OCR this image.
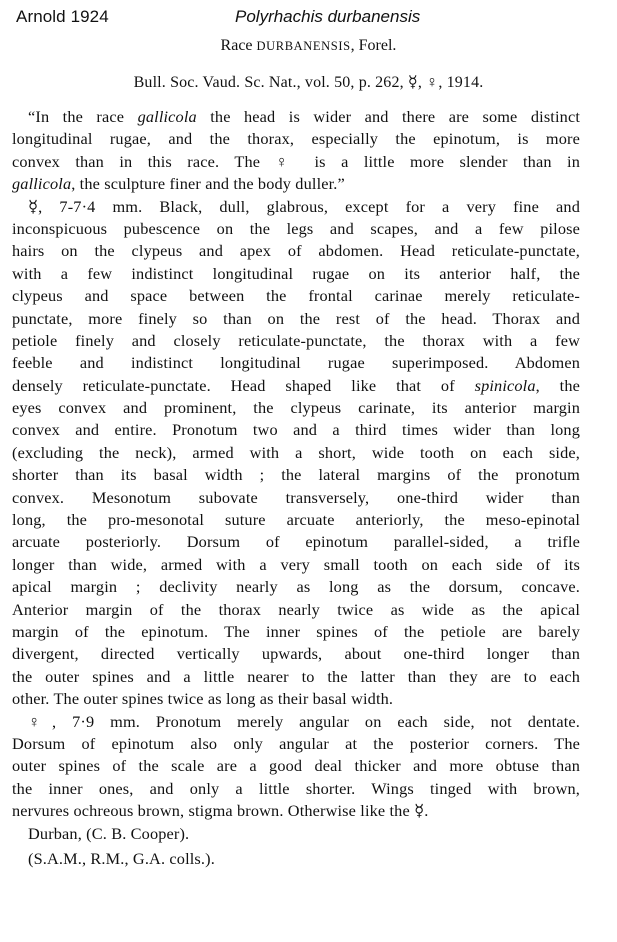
Arnold 1924	Polyrhachis durbanensis
Race DURBANENSIS, Forel.
Bull. Soc. Vaud. Sc. Nat., vol. 50, p. 262, ☿, ♀, 1914.
“In the race gallicola the head is wider and there are some distinct
longitudinal rugae, and the thorax, especially the epinotum, is more
convex than in this race. The ♀ is a little more slender than in
gallicola, the sculpture finer and the body duller.”
☿, 7-7·4 mm. Black, dull, glabrous, except for a very fine and
inconspicuous pubescence on the legs and scapes, and a few pilose
hairs on the clypeus and apex of abdomen. Head reticulate-punctate,
with a few indistinct longitudinal rugae on its anterior half, the
clypeus and space between the frontal carinae merely reticulate-
punctate, more finely so than on the rest of the head. Thorax and
petiole finely and closely reticulate-punctate, the thorax with a few
feeble and indistinct longitudinal rugae superimposed. Abdomen
densely reticulate-punctate. Head shaped like that of spinicola, the
eyes convex and prominent, the clypeus carinate, its anterior margin
convex and entire. Pronotum two and a third times wider than long
(excluding the neck), armed with a short, wide tooth on each side,
shorter than its basal width ; the lateral margins of the pronotum
convex. Mesonotum subovate transversely, one-third wider than
long, the pro-mesonotal suture arcuate anteriorly, the meso-epinotal
arcuate posteriorly. Dorsum of epinotum parallel-sided, a trifle
longer than wide, armed with a very small tooth on each side of its
apical margin ; declivity nearly as long as the dorsum, concave.
Anterior margin of the thorax nearly twice as wide as the apical
margin of the epinotum. The inner spines of the petiole are barely
divergent, directed vertically upwards, about one-third longer than
the outer spines and a little nearer to the latter than they are to each
other. The outer spines twice as long as their basal width.
♀, 7·9 mm. Pronotum merely angular on each side, not dentate.
Dorsum of epinotum also only angular at the posterior corners. The
outer spines of the scale are a good deal thicker and more obtuse than
the inner ones, and only a little shorter. Wings tinged with brown,
nervures ochreous brown, stigma brown. Otherwise like the ☿.
Durban, (C. B. Cooper).
(S.A.M., R.M., G.A. colls.).
